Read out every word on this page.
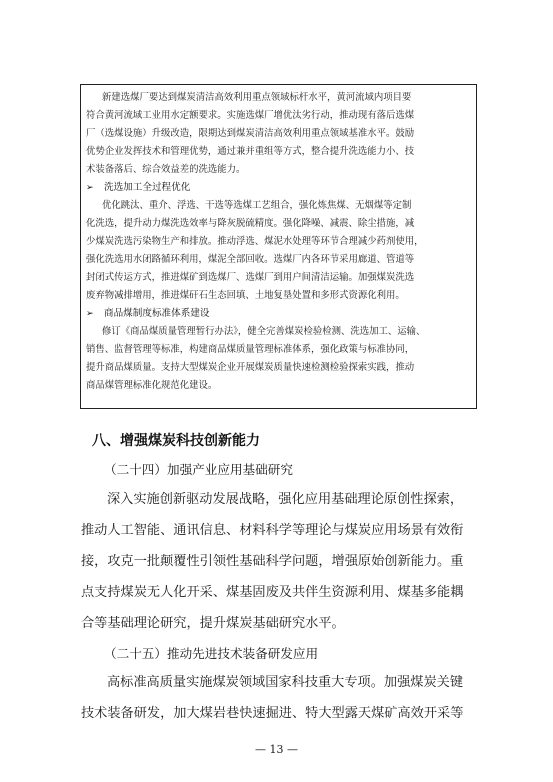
新建选煤厂要达到煤炭清洁高效利用重点领域标杆水平，黄河流域内项目要
符合黄河流域工业用水定额要求。实施选煤厂增优汰劣行动，推动现有落后选煤
厂（选煤设施）升级改造，限期达到煤炭清洁高效利用重点领域基准水平。鼓励
优势企业发挥技术和管理优势，通过兼并重组等方式，整合提升洗选能力小、技
术装备落后、综合效益差的洗选能力。
➢ 洗选加工全过程优化
优化跳汰、重介、浮选、干选等选煤工艺组合，强化炼焦煤、无烟煤等定制
化洗选，提升动力煤洗选效率与降灰脱硫精度。强化降噪、减震、除尘措施，减
少煤炭洗选污染物生产和排放。推动浮选、煤泥水处理等环节合理减少药剂使用，
强化洗选用水闭路循环利用，煤泥全部回收。选煤厂内各环节采用廊道、管道等
封闭式传运方式，推进煤矿到选煤厂、选煤厂到用户间清洁运输。加强煤炭洗选
废弃物减排增用，推进煤矸石生态回填、土地复垦处置和多形式资源化利用。
➢ 商品煤制度标准体系建设
修订《商品煤质量管理暂行办法》，健全完善煤炭检验检测、洗选加工、运输、
销售、监督管理等标准，构建商品煤质量管理标准体系，强化政策与标准协同，
提升商品煤质量。支持大型煤炭企业开展煤炭质量快速检测检验探索实践，推动
商品煤管理标准化规范化建设。
八、增强煤炭科技创新能力
（二十四）加强产业应用基础研究
深入实施创新驱动发展战略，强化应用基础理论原创性探索，
推动人工智能、通讯信息、材料科学等理论与煤炭应用场景有效衔
接，攻克一批颠覆性引领性基础科学问题，增强原始创新能力。重
点支持煤炭无人化开采、煤基固废及共伴生资源利用、煤基多能耦
合等基础理论研究，提升煤炭基础研究水平。
（二十五）推动先进技术装备研发应用
高标准高质量实施煤炭领域国家科技重大专项。加强煤炭关键
技术装备研发，加大煤岩巷快速掘进、特大型露天煤矿高效开采等
— 13 —
